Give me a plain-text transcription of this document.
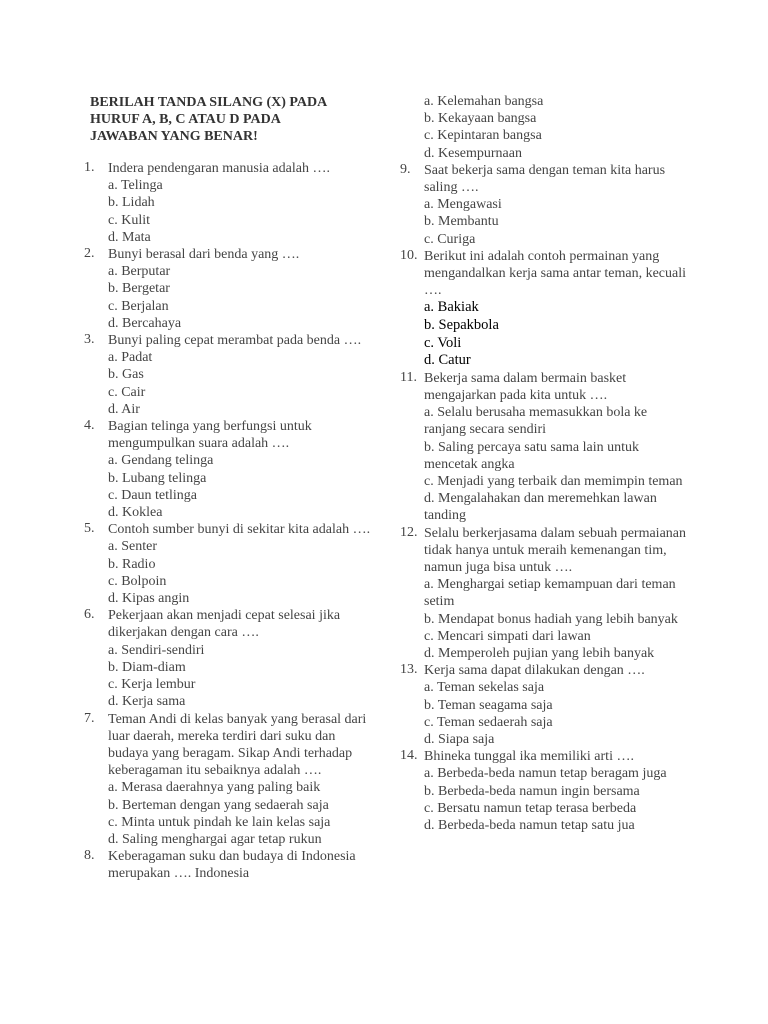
BERILAH TANDA SILANG (X) PADA
HURUF A, B, C ATAU D PADA
JAWABAN YANG BENAR!
1. Indera pendengaran manusia adalah ….
a. Telinga
b. Lidah
c. Kulit
d. Mata
2. Bunyi berasal dari benda yang ….
a. Berputar
b. Bergetar
c. Berjalan
d. Bercahaya
3. Bunyi paling cepat merambat pada benda ….
a. Padat
b. Gas
c. Cair
d. Air
4. Bagian telinga yang berfungsi untuk mengumpulkan suara adalah ….
a. Gendang telinga
b. Lubang telinga
c. Daun tetlinga
d. Koklea
5. Contoh sumber bunyi di sekitar kita adalah ….
a. Senter
b. Radio
c. Bolpoin
d. Kipas angin
6. Pekerjaan akan menjadi cepat selesai jika dikerjakan dengan cara ….
a. Sendiri-sendiri
b. Diam-diam
c. Kerja lembur
d. Kerja sama
7. Teman Andi di kelas banyak yang berasal dari luar daerah, mereka terdiri dari suku dan budaya yang beragam. Sikap Andi terhadap keberagaman itu sebaiknya adalah ….
a. Merasa daerahnya yang paling baik
b. Berteman dengan yang sedaerah saja
c. Minta untuk pindah ke lain kelas saja
d. Saling menghargai agar tetap rukun
8. Keberagaman suku dan budaya di Indonesia merupakan …. Indonesia
a. Kelemahan bangsa
b. Kekayaan bangsa
c. Kepintaran bangsa
d. Kesempurnaan
9. Saat bekerja sama dengan teman kita harus saling ….
a. Mengawasi
b. Membantu
c. Curiga
10. Berikut ini adalah contoh permainan yang mengandalkan kerja sama antar teman, kecuali ….
a. Bakiak
b. Sepakbola
c. Voli
d. Catur
11. Bekerja sama dalam bermain basket mengajarkan pada kita untuk ….
a. Selalu berusaha memasukkan bola ke ranjang secara sendiri
b. Saling percaya satu sama lain untuk mencetak angka
c. Menjadi yang terbaik dan memimpin teman
d. Mengalahakan dan meremehkan lawan tanding
12. Selalu berkerjasama dalam sebuah permaianan tidak hanya untuk meraih kemenangan tim, namun juga bisa untuk ….
a. Menghargai setiap kemampuan dari teman setim
b. Mendapat bonus hadiah yang lebih banyak
c. Mencari simpati dari lawan
d. Memperoleh pujian yang lebih banyak
13. Kerja sama dapat dilakukan dengan ….
a. Teman sekelas saja
b. Teman seagama saja
c. Teman sedaerah saja
d. Siapa saja
14. Bhineka tunggal ika memiliki arti ….
a. Berbeda-beda namun tetap beragam juga
b. Berbeda-beda namun ingin bersama
c. Bersatu namun tetap terasa berbeda
d. Berbeda-beda namun tetap satu jua
